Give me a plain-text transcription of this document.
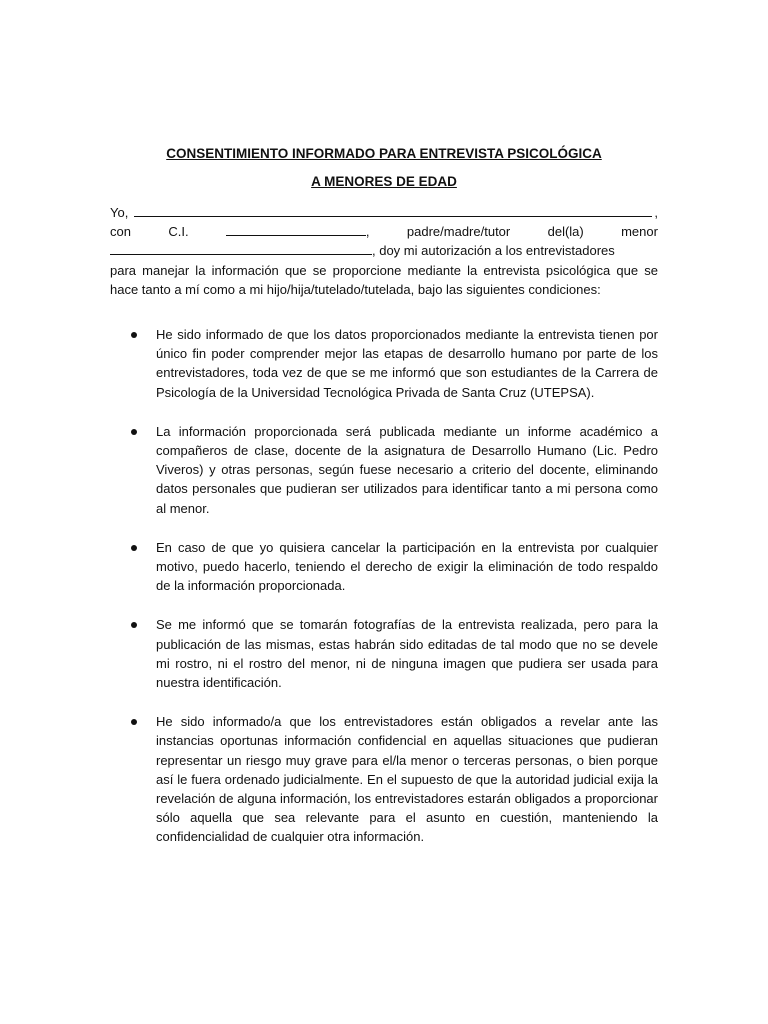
CONSENTIMIENTO INFORMADO PARA ENTREVISTA PSICOLÓGICA
A MENORES DE EDAD
Yo,	,
con	C.I.	,	padre/madre/tutor	del(la)	menor
, doy mi autorización a los entrevistadores
para manejar la información que se proporcione mediante la entrevista psicológica que se hace tanto a mí como a mi hijo/hija/tutelado/tutelada, bajo las siguientes condiciones:
He sido informado de que los datos proporcionados mediante la entrevista tienen por único fin poder comprender mejor las etapas de desarrollo humano por parte de los entrevistadores, toda vez de que se me informó que son estudiantes de la Carrera de Psicología de la Universidad Tecnológica Privada de Santa Cruz (UTEPSA).
La información proporcionada será publicada mediante un informe académico a compañeros de clase, docente de la asignatura de Desarrollo Humano (Lic. Pedro Viveros) y otras personas, según fuese necesario a criterio del docente, eliminando datos personales que pudieran ser utilizados para identificar tanto a mi persona como al menor.
En caso de que yo quisiera cancelar la participación en la entrevista por cualquier motivo, puedo hacerlo, teniendo el derecho de exigir la eliminación de todo respaldo de la información proporcionada.
Se me informó que se tomarán fotografías de la entrevista realizada, pero para la publicación de las mismas, estas habrán sido editadas de tal modo que no se devele mi rostro, ni el rostro del menor, ni de ninguna imagen que pudiera ser usada para nuestra identificación.
He sido informado/a que los entrevistadores están obligados a revelar ante las instancias oportunas información confidencial en aquellas situaciones que pudieran representar un riesgo muy grave para el/la menor o terceras personas, o bien porque así le fuera ordenado judicialmente. En el supuesto de que la autoridad judicial exija la revelación de alguna información, los entrevistadores estarán obligados a proporcionar sólo aquella que sea relevante para el asunto en cuestión, manteniendo la confidencialidad de cualquier otra información.
